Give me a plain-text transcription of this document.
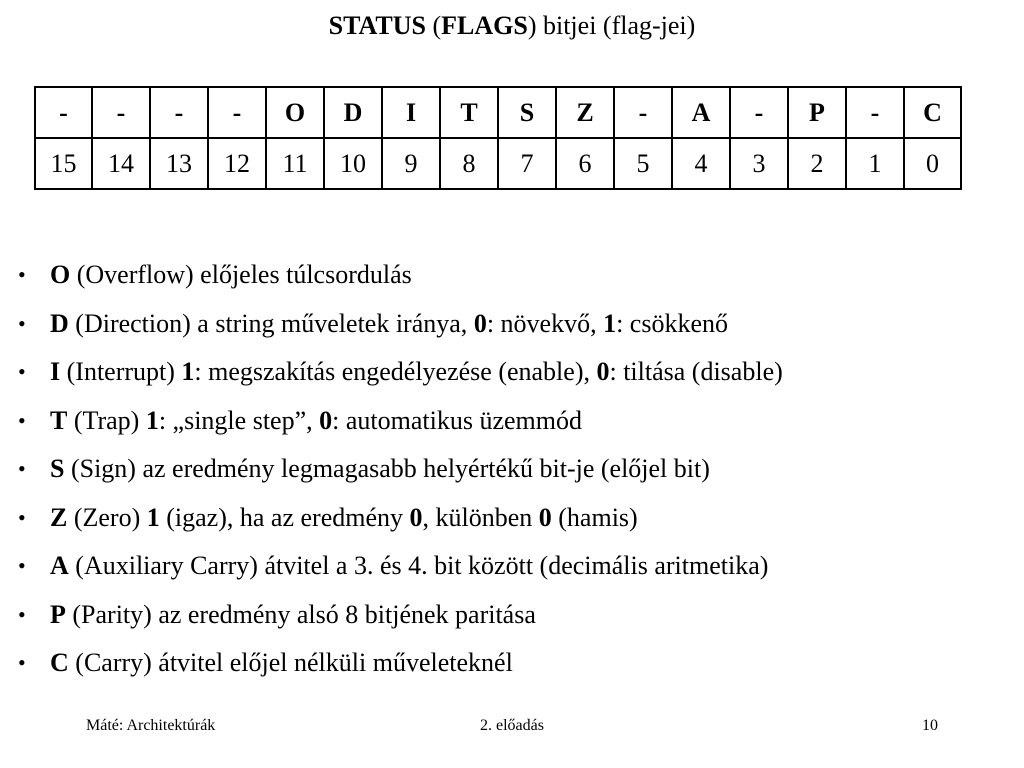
STATUS (FLAGS) bitjei (flag-jei)
-	-	-	-	O	D	I	T	S	Z	-	A	-	P	-	C
15	14	13	12	11	10	9	8	7	6	5	4	3	2	1	0
• O (Overflow) előjeles túlcsordulás
• D (Direction) a string műveletek iránya, 0: növekvő, 1: csökkenő
• I (Interrupt) 1: megszakítás engedélyezése (enable), 0: tiltása (disable)
• T (Trap) 1: „single step”, 0: automatikus üzemmód
• S (Sign) az eredmény legmagasabb helyértékű bit-je (előjel bit)
• Z (Zero) 1 (igaz), ha az eredmény 0, különben 0 (hamis)
• A (Auxiliary Carry) átvitel a 3. és 4. bit között (decimális aritmetika)
• P (Parity) az eredmény alsó 8 bitjének paritása
• C (Carry) átvitel előjel nélküli műveleteknél
Máté: Architektúrák	2. előadás	10
